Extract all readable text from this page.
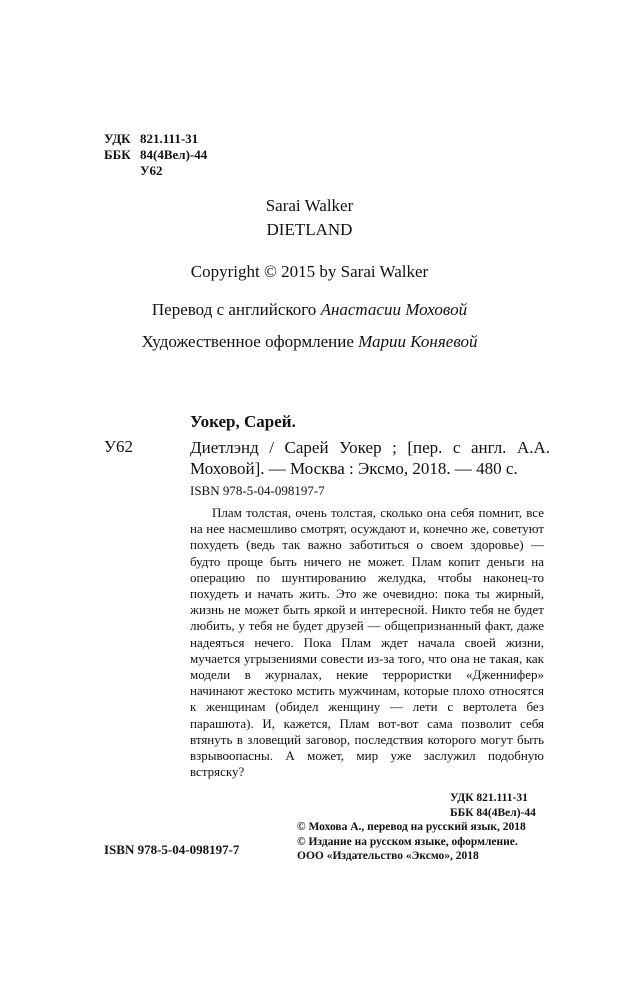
УДК 821.111-31
ББК 84(4Вел)-44
У62
Sarai Walker
DIETLAND
Copyright © 2015 by Sarai Walker
Перевод с английского Анастасии Моховой
Художественное оформление Марии Коняевой
Уокер, Сарей.
У62	Диетлэнд / Сарей Уокер ; [пер. с англ. А.А. Моховой]. — Москва : Эксмо, 2018. — 480 с.
ISBN 978-5-04-098197-7
Плам толстая, очень толстая, сколько она себя помнит, все на нее насмешливо смотрят, осуждают и, конечно же, советуют похудеть (ведь так важно заботиться о своем здоровье) — будто проще быть ничего не может. Плам копит деньги на операцию по шунтированию желудка, чтобы наконец-то похудеть и начать жить. Это же очевидно: пока ты жирный, жизнь не может быть яркой и интересной. Никто тебя не будет любить, у тебя не будет друзей — общепризнанный факт, даже надеяться нечего. Пока Плам ждет начала своей жизни, мучается угрызениями совести из-за того, что она не такая, как модели в журналах, некие террористки «Дженнифер» начинают жестоко мстить мужчинам, которые плохо относятся к женщинам (обидел женщину — лети с вертолета без парашюта). И, кажется, Плам вот-вот сама позволит себя втянуть в зловещий заговор, последствия которого могут быть взрывоопасны. А может, мир уже заслужил подобную встряску?
УДК 821.111-31
ББК 84(4Вел)-44
ISBN 978-5-04-098197-7
© Мохова А., перевод на русский язык, 2018
© Издание на русском языке, оформление.
ООО «Издательство «Эксмо», 2018
